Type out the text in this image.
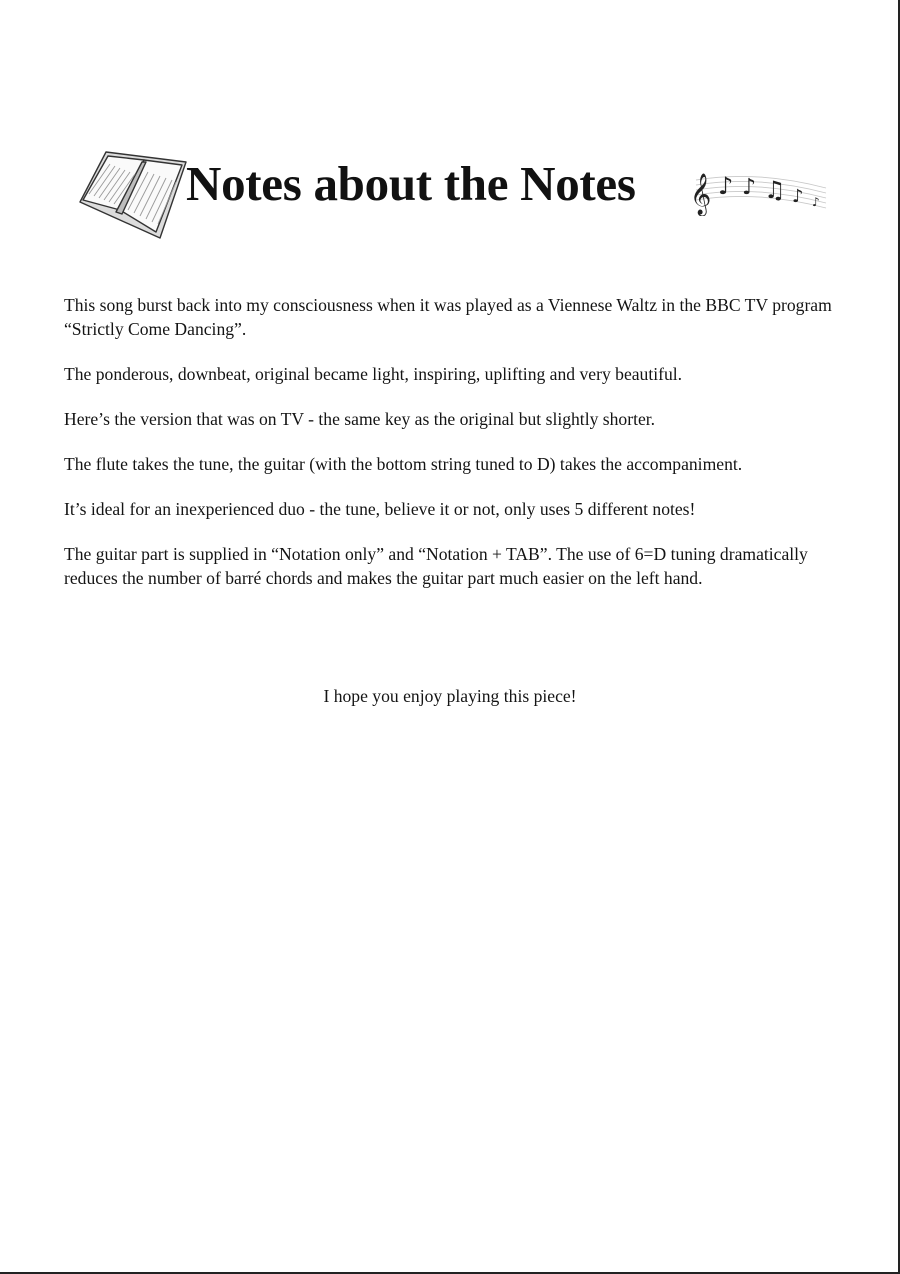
Notes about the Notes 𝄞 ♪ ♪ ♫ ♪ ♪

This song burst back into my consciousness when it was played as a Viennese Waltz in the BBC TV program “Strictly Come Dancing”.

The ponderous, downbeat, original became light, inspiring, uplifting and very beautiful.

Here’s the version that was on TV - the same key as the original but slightly shorter.

The flute takes the tune, the guitar (with the bottom string tuned to D) takes the accompaniment.

It’s ideal for an inexperienced duo - the tune, believe it or not, only uses 5 different notes!

The guitar part is supplied in “Notation only” and “Notation + TAB”. The use of 6=D tuning dramatically reduces the number of barré chords and makes the guitar part much easier on the left hand.

I hope you enjoy playing this piece!
